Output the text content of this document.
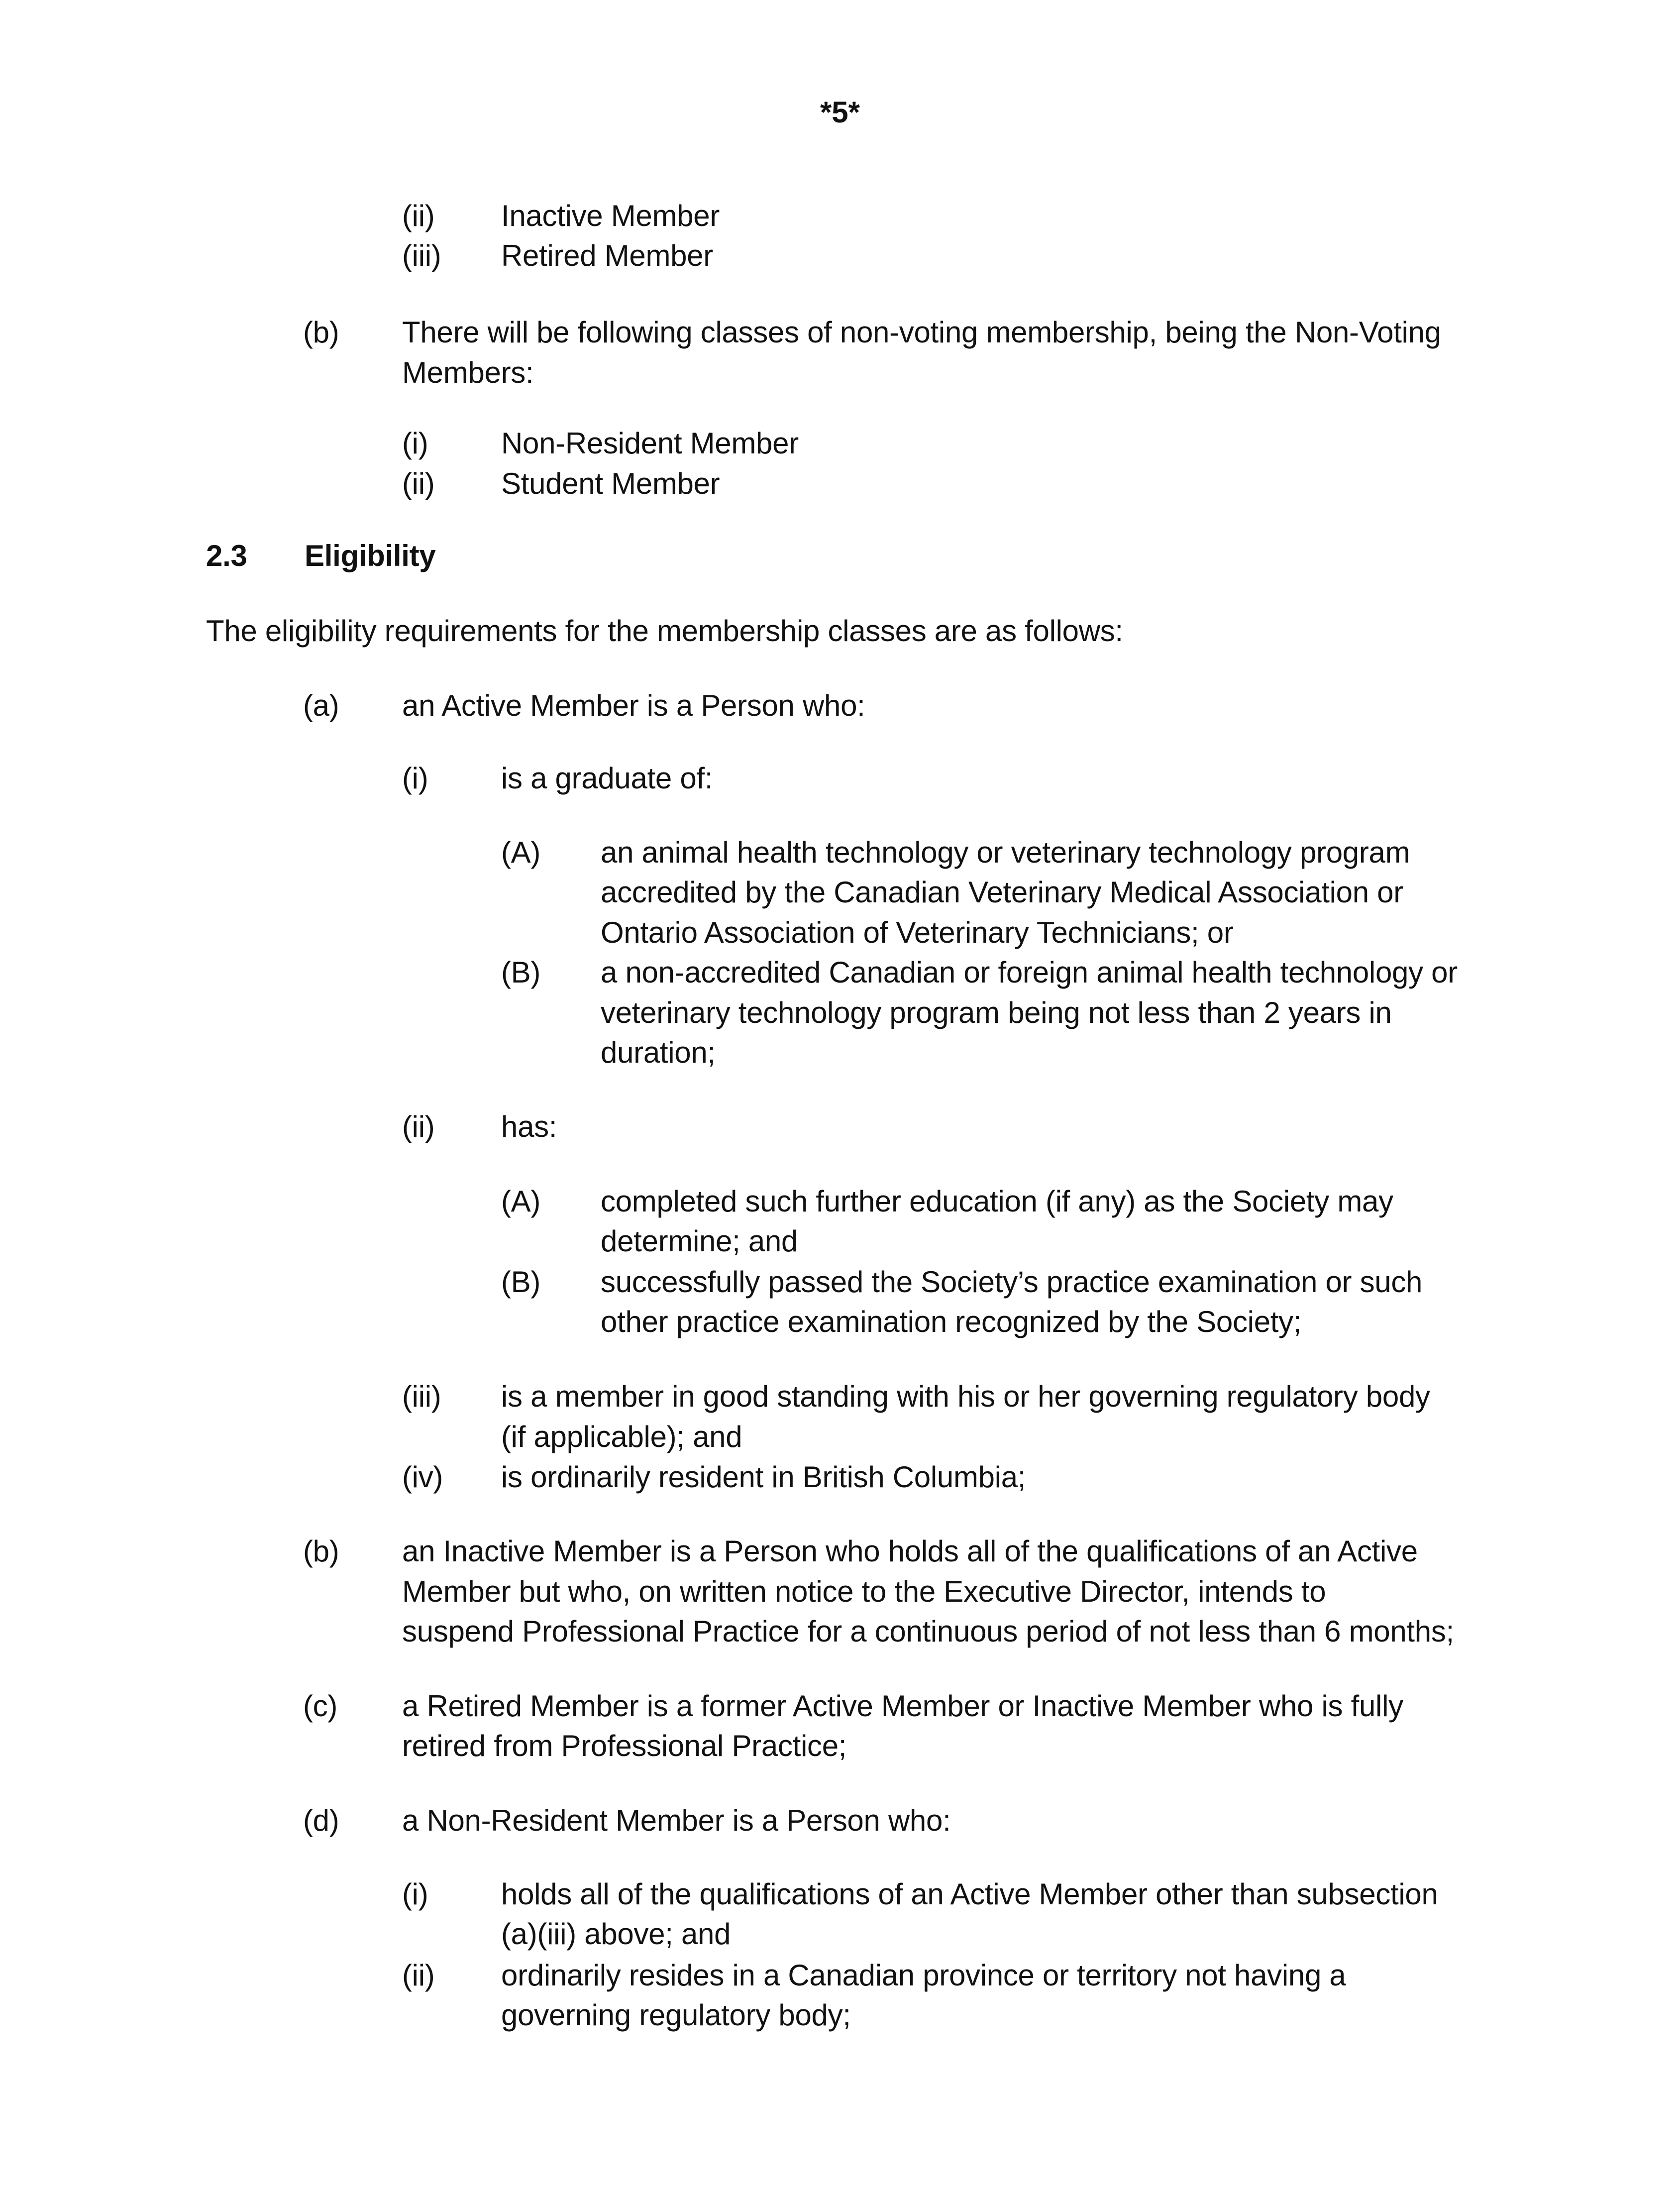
*5*
(ii) Inactive Member
(iii) Retired Member
(b) There will be following classes of non-voting membership, being the Non-Voting
Members:
(i) Non-Resident Member
(ii) Student Member
2.3 Eligibility
The eligibility requirements for the membership classes are as follows:
(a) an Active Member is a Person who:
(i) is a graduate of:
(A) an animal health technology or veterinary technology program
accredited by the Canadian Veterinary Medical Association or
Ontario Association of Veterinary Technicians; or
(B) a non-accredited Canadian or foreign animal health technology or
veterinary technology program being not less than 2 years in
duration;
(ii) has:
(A) completed such further education (if any) as the Society may
determine; and
(B) successfully passed the Society’s practice examination or such
other practice examination recognized by the Society;
(iii) is a member in good standing with his or her governing regulatory body
(if applicable); and
(iv) is ordinarily resident in British Columbia;
(b) an Inactive Member is a Person who holds all of the qualifications of an Active
Member but who, on written notice to the Executive Director, intends to
suspend Professional Practice for a continuous period of not less than 6 months;
(c) a Retired Member is a former Active Member or Inactive Member who is fully
retired from Professional Practice;
(d) a Non-Resident Member is a Person who:
(i) holds all of the qualifications of an Active Member other than subsection
(a)(iii) above; and
(ii) ordinarily resides in a Canadian province or territory not having a
governing regulatory body;
